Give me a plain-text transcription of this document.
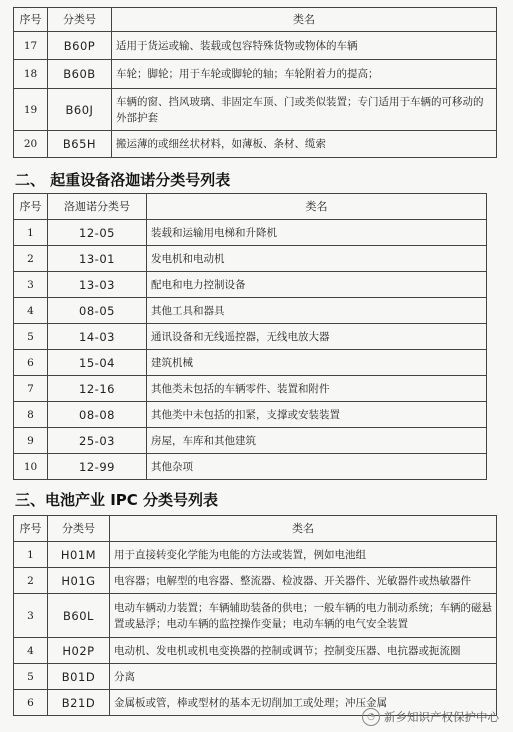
序号	分类号	类名
17	B60P	适用于货运或输、装载或包容特殊货物或物体的车辆
18	B60B	车轮；脚轮；用于车轮或脚轮的轴；车轮附着力的提高；
19	B60J	车辆的窗、挡风玻璃、非固定车顶、门或类似装置；专门适用于车辆的可移动的外部护套
20	B65H	搬运薄的或细丝状材料，如薄板、条材、缆索
二、 起重设备洛迦诺分类号列表
序号	洛迦诺分类号	类名
1	12-05	装载和运输用电梯和升降机
2	13-01	发电机和电动机
3	13-03	配电和电力控制设备
4	08-05	其他工具和器具
5	14-03	通讯设备和无线遥控器，无线电放大器
6	15-04	建筑机械
7	12-16	其他类未包括的车辆零件、装置和附件
8	08-08	其他类中未包括的扣紧，支撑或安装装置
9	25-03	房屋，车库和其他建筑
10	12-99	其他杂项
三、电池产业 IPC 分类号列表
序号	分类号	类名
1	H01M	用于直接转变化学能为电能的方法或装置，例如电池组
2	H01G	电容器；电解型的电容器、整流器、检波器、开关器件、光敏器件或热敏器件
3	B60L	电动车辆动力装置；车辆辅助装备的供电；一般车辆的电力制动系统；车辆的磁悬置或悬浮；电动车辆的监控操作变量；电动车辆的电气安全装置
4	H02P	电动机、发电机或机电变换器的控制或调节；控制变压器、电抗器或扼流圈
5	B01D	分离
6	B21D	金属板或管，棒或型材的基本无切削加工或处理；冲压金属
◔ 新乡知识产权保护中心
